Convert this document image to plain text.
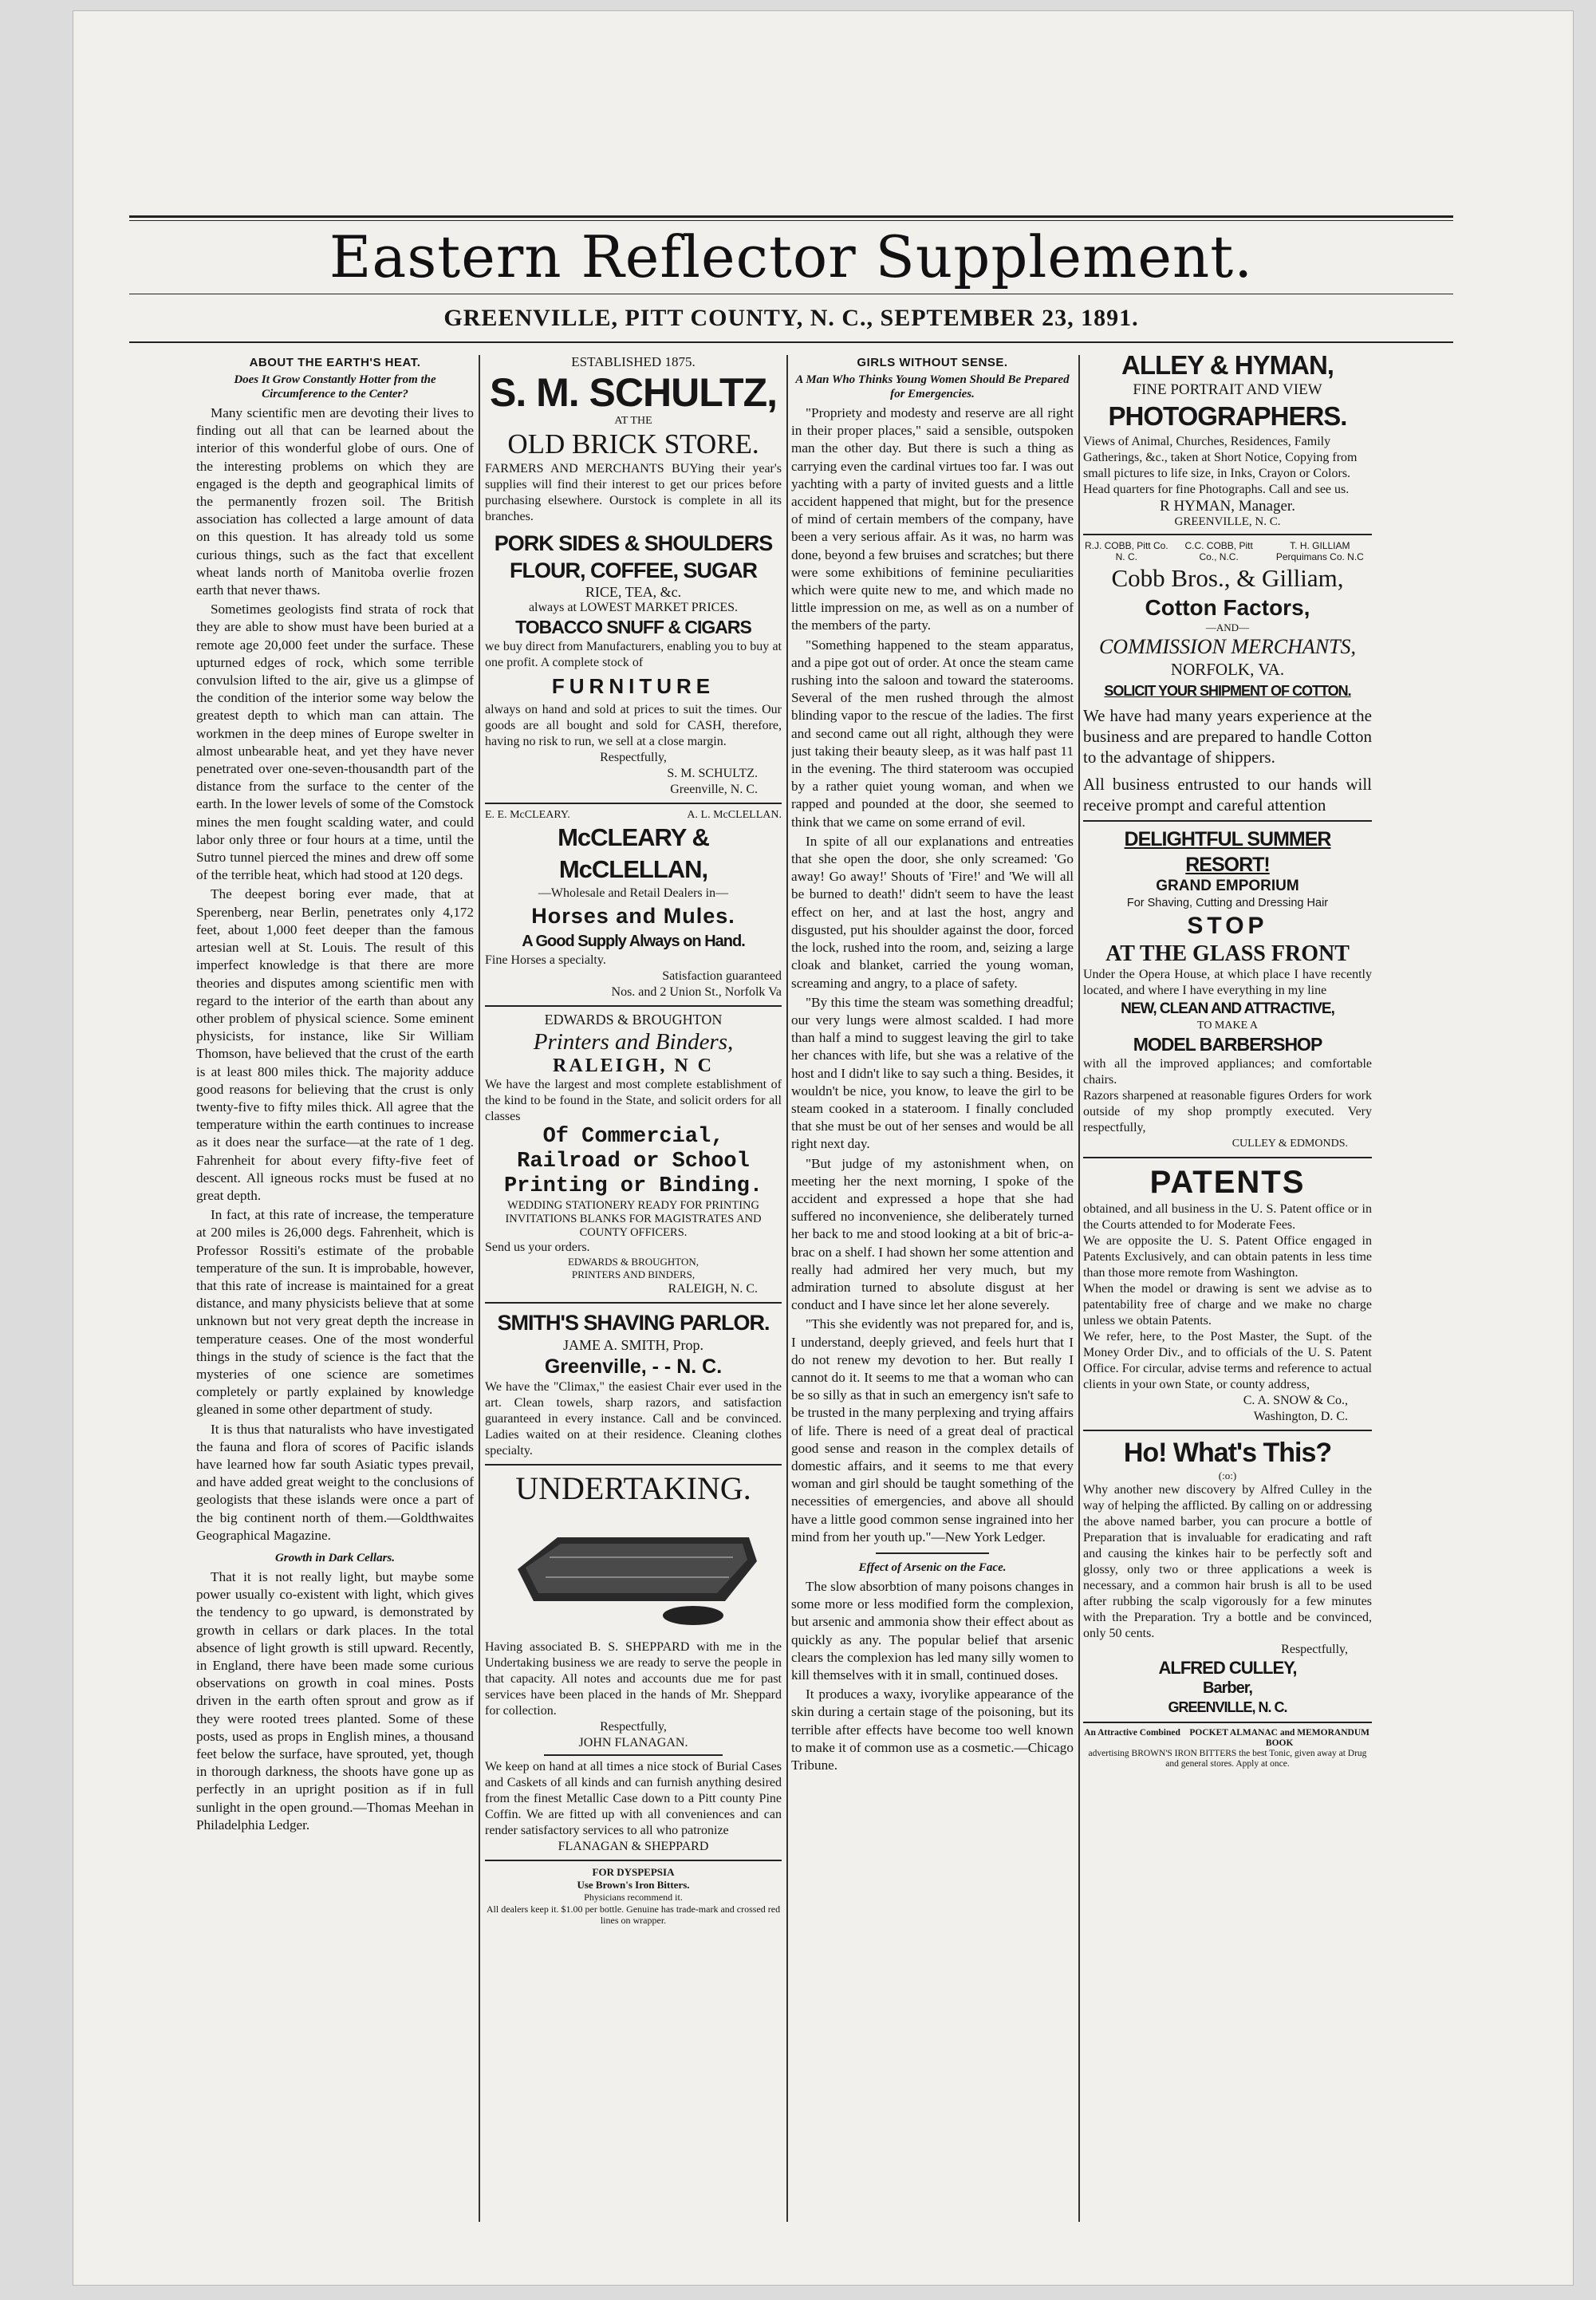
Eastern Reflector Supplement.
GREENVILLE, PITT COUNTY, N. C., SEPTEMBER 23, 1891.
ABOUT THE EARTH'S HEAT.
Does It Grow Constantly Hotter from the Circumference to the Center?

Many scientific men are devoting their lives to finding out all that can be learned about the interior of this wonderful globe of ours. One of the interesting problems on which they are engaged is the depth and geographical limits of the permanently frozen soil. The British association has collected a large amount of data on this question. It has already told us some curious things, such as the fact that excellent wheat lands north of Manitoba overlie frozen earth that never thaws.

Sometimes geologists find strata of rock that they are able to show must have been buried at a remote age 20,000 feet under the surface. These upturned edges of rock, which some terrible convulsion lifted to the air, give us a glimpse of the condition of the interior some way below the greatest depth to which man can attain. The workmen in the deep mines of Europe swelter in almost unbearable heat, and yet they have never penetrated over one-seven-thousandth part of the distance from the surface to the center of the earth. In the lower levels of some of the Comstock mines the men fought scalding water, and could labor only three or four hours at a time, until the Sutro tunnel pierced the mines and drew off some of the terrible heat, which had stood at 120 degs.

The deepest boring ever made, that at Sperenberg, near Berlin, penetrates only 4,172 feet, about 1,000 feet deeper than the famous artesian well at St. Louis. The result of this imperfect knowledge is that there are more theories and disputes among scientific men with regard to the interior of the earth than about any other problem of physical science. Some eminent physicists, for instance, like Sir William Thomson, have believed that the crust of the earth is at least 800 miles thick. The majority adduce good reasons for believing that the crust is only twenty-five to fifty miles thick. All agree that the temperature within the earth continues to increase as it does near the surface—at the rate of 1 deg. Fahrenheit for about every fifty-five feet of descent. All igneous rocks must be fused at no great depth.

In fact, at this rate of increase, the temperature at 200 miles is 26,000 degs. Fahrenheit, which is Professor Rossiti's estimate of the probable temperature of the sun. It is improbable, however, that this rate of increase is maintained for a great distance, and many physicists believe that at some unknown but not very great depth the increase in temperature ceases. One of the most wonderful things in the study of science is the fact that the mysteries of one science are sometimes completely or partly explained by knowledge gleaned in some other department of study.

It is thus that naturalists who have investigated the fauna and flora of scores of Pacific islands have learned how far south Asiatic types prevail, and have added great weight to the conclusions of geologists that these islands were once a part of the big continent north of them.—Goldthwaites Geographical Magazine.

Growth in Dark Cellars.

That it is not really light, but maybe some power usually co-existent with light, which gives the tendency to go upward, is demonstrated by growth in cellars or dark places. In the total absence of light growth is still upward. Recently, in England, there have been made some curious observations on growth in coal mines. Posts driven in the earth often sprout and grow as if they were rooted trees planted. Some of these posts, used as props in English mines, a thousand feet below the surface, have sprouted, yet, though in thorough darkness, the shoots have gone up as perfectly in an upright position as if in full sunlight in the open ground.—Thomas Meehan in Philadelphia Ledger.

ESTABLISHED 1875.
S. M. SCHULTZ,
AT THE
OLD BRICK STORE.
FARMERS AND MERCHANTS BUYing their year's supplies will find their interest to get our prices before purchasing elsewhere. Ourstock is complete in all its branches.
PORK SIDES & SHOULDERS
FLOUR, COFFEE, SUGAR
RICE, TEA, &c.
always at LOWEST MARKET PRICES.
TOBACCO SNUFF & CIGARS
we buy direct from Manufacturers, enabling you to buy at one profit. A complete stock of
FURNITURE
always on hand and sold at prices to suit the times. Our goods are all bought and sold for CASH, therefore, having no risk to run, we sell at a close margin.
Respectfully,
S. M. SCHULTZ.
Greenville, N. C.
E. E. McCLEARY.	A. L. McCLELLAN.
McCLEARY & McCLELLAN,
—Wholesale and Retail Dealers in—
Horses and Mules.
A Good Supply Always on Hand.
Fine Horses a specialty.
Satisfaction guaranteed
Nos. and 2 Union St., Norfolk Va
EDWARDS & BROUGHTON
Printers and Binders,
RALEIGH, N C
We have the largest and most complete establishment of the kind to be found in the State, and solicit orders for all classes
Of Commercial, Railroad or School Printing or Binding.
WEDDING STATIONERY READY FOR PRINTING INVITATIONS BLANKS FOR MAGISTRATES AND COUNTY OFFICERS.
Send us your orders.
EDWARDS & BROUGHTON,
PRINTERS AND BINDERS,
RALEIGH, N. C.
SMITH'S SHAVING PARLOR.
JAME A. SMITH, Prop.
Greenville, - - N. C.
We have the "Climax," the easiest Chair ever used in the art. Clean towels, sharp razors, and satisfaction guaranteed in every instance. Call and be convinced. Ladies waited on at their residence. Cleaning clothes specialty.
UNDERTAKING.
Having associated B. S. SHEPPARD with me in the Undertaking business we are ready to serve the people in that capacity. All notes and accounts due me for past services have been placed in the hands of Mr. Sheppard for collection.
Respectfully,
JOHN FLANAGAN.
We keep on hand at all times a nice stock of Burial Cases and Caskets of all kinds and can furnish anything desired from the finest Metallic Case down to a Pitt county Pine Coffin. We are fitted up with all conveniences and can render satisfactory services to all who patronize
FLANAGAN & SHEPPARD
FOR DYSPEPSIA
Use Brown's Iron Bitters.
Physicians recommend it.
All dealers keep it. $1.00 per bottle. Genuine has trade-mark and crossed red lines on wrapper.
GIRLS WITHOUT SENSE.
A Man Who Thinks Young Women Should Be Prepared for Emergencies.

"Propriety and modesty and reserve are all right in their proper places," said a sensible, outspoken man the other day. But there is such a thing as carrying even the cardinal virtues too far. I was out yachting with a party of invited guests and a little accident happened that might, but for the presence of mind of certain members of the company, have been a very serious affair. As it was, no harm was done, beyond a few bruises and scratches; but there were some exhibitions of feminine peculiarities which were quite new to me, and which made no little impression on me, as well as on a number of the members of the party.

"Something happened to the steam apparatus, and a pipe got out of order. At once the steam came rushing into the saloon and toward the staterooms. Several of the men rushed through the almost blinding vapor to the rescue of the ladies. The first and second came out all right, although they were just taking their beauty sleep, as it was half past 11 in the evening. The third stateroom was occupied by a rather quiet young woman, and when we rapped and pounded at the door, she seemed to think that we came on some errand of evil.

In spite of all our explanations and entreaties that she open the door, she only screamed: 'Go away! Go away!' Shouts of 'Fire!' and 'We will all be burned to death!' didn't seem to have the least effect on her, and at last the host, angry and disgusted, put his shoulder against the door, forced the lock, rushed into the room, and, seizing a large cloak and blanket, carried the young woman, screaming and angry, to a place of safety.

"By this time the steam was something dreadful; our very lungs were almost scalded. I had more than half a mind to suggest leaving the girl to take her chances with life, but she was a relative of the host and I didn't like to say such a thing. Besides, it wouldn't be nice, you know, to leave the girl to be steam cooked in a stateroom. I finally concluded that she must be out of her senses and would be all right next day.

"But judge of my astonishment when, on meeting her the next morning, I spoke of the accident and expressed a hope that she had suffered no inconvenience, she deliberately turned her back to me and stood looking at a bit of bric-a-brac on a shelf. I had shown her some attention and really had admired her very much, but my admiration turned to absolute disgust at her conduct and I have since let her alone severely.

"This she evidently was not prepared for, and is, I understand, deeply grieved, and feels hurt that I do not renew my devotion to her. But really I cannot do it. It seems to me that a woman who can be so silly as that in such an emergency isn't safe to be trusted in the many perplexing and trying affairs of life. There is need of a great deal of practical good sense and reason in the complex details of domestic affairs, and it seems to me that every woman and girl should be taught something of the necessities of emergencies, and above all should have a little good common sense ingrained into her mind from her youth up."—New York Ledger.

Effect of Arsenic on the Face.

The slow absorbtion of many poisons changes in some more or less modified form the complexion, but arsenic and ammonia show their effect about as quickly as any. The popular belief that arsenic clears the complexion has led many silly women to kill themselves with it in small, continued doses.

It produces a waxy, ivorylike appearance of the skin during a certain stage of the poisoning, but its terrible after effects have become too well known to make it of common use as a cosmetic.—Chicago Tribune.

ALLEY & HYMAN,
FINE PORTRAIT AND VIEW
PHOTOGRAPHERS.
Views of Animal, Churches, Residences, Family Gatherings, &c., taken at Short Notice, Copying from small pictures to life size, in Inks, Crayon or Colors.
Head quarters for fine Photographs. Call and see us.
R HYMAN, Manager.
GREENVILLE, N. C.
R.J. COBB, Pitt Co. N. C.
C.C. COBB, Pitt Co., N.C.
T. H. GILLIAM Perquimans Co. N.C
Cobb Bros., & Gilliam,
Cotton Factors,
—AND—
COMMISSION MERCHANTS,
NORFOLK, VA.
SOLICIT YOUR SHIPMENT OF COTTON.
We have had many years experience at the business and are prepared to handle Cotton to the advantage of shippers.
All business entrusted to our hands will receive prompt and careful attention
DELIGHTFUL SUMMER RESORT!
GRAND EMPORIUM
For Shaving, Cutting and Dressing Hair
STOP
AT THE GLASS FRONT
Under the Opera House, at which place I have recently located, and where I have everything in my line
NEW, CLEAN AND ATTRACTIVE,
TO MAKE A
MODEL BARBERSHOP
with all the improved appliances; and comfortable chairs.
Razors sharpened at reasonable figures Orders for work outside of my shop promptly executed. Very respectfully,
CULLEY & EDMONDS.
PATENTS
obtained, and all business in the U. S. Patent office or in the Courts attended to for Moderate Fees.
We are opposite the U. S. Patent Office engaged in Patents Exclusively, and can obtain patents in less time than those more remote from Washington.
When the model or drawing is sent we advise as to patentability free of charge and we make no charge unless we obtain Patents.
We refer, here, to the Post Master, the Supt. of the Money Order Div., and to officials of the U. S. Patent Office. For circular, advise terms and reference to actual clients in your own State, or county address,
C. A. SNOW & Co.,
Washington, D. C.
Ho! What's This?
(:o:)
Why another new discovery by Alfred Culley in the way of helping the afflicted. By calling on or addressing the above named barber, you can procure a bottle of Preparation that is invaluable for eradicating and raft and causing the kinkes hair to be perfectly soft and glossy, only two or three applications a week is necessary, and a common hair brush is all to be used after rubbing the scalp vigorously for a few minutes with the Preparation. Try a bottle and be convinced, only 50 cents.
Respectfully,
ALFRED CULLEY,
Barber,
GREENVILLE, N. C.
An Attractive Combined POCKET ALMANAC and MEMORANDUM BOOK
advertising BROWN'S IRON BITTERS the best Tonic, given away at Drug and general stores. Apply at once.
